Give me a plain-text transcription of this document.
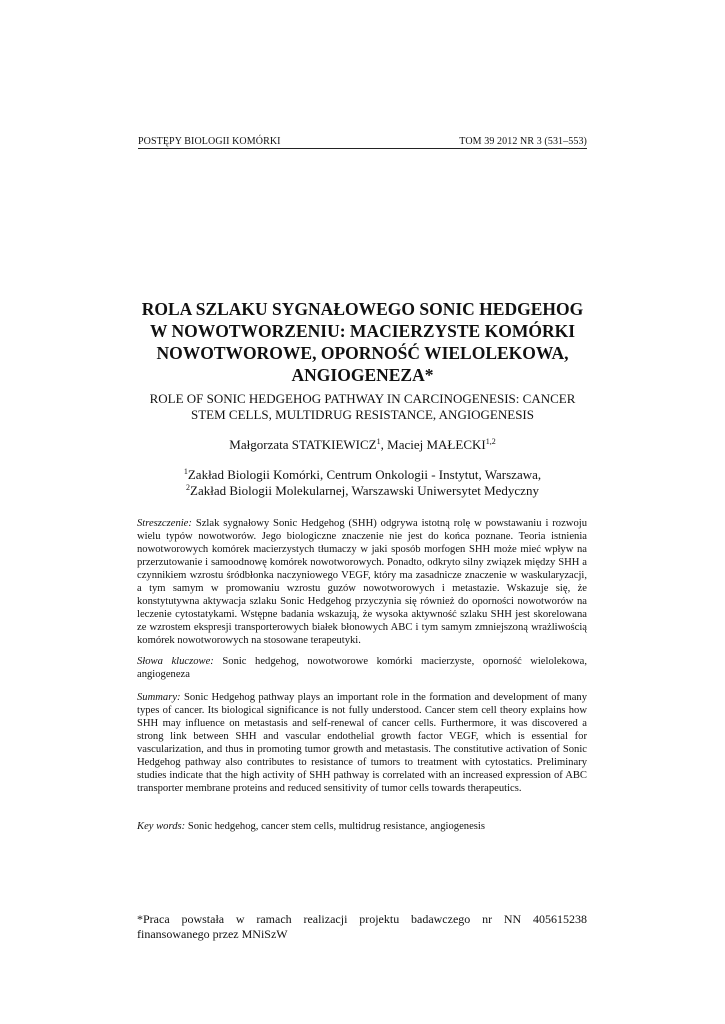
POSTĘPY BIOLOGII KOMÓRKI	TOM 39 2012 NR 3 (531–553)
ROLA SZLAKU SYGNAŁOWEGO SONIC HEDGEHOG
W NOWOTWORZENIU: MACIERZYSTE KOMÓRKI
NOWOTWOROWE, OPORNOŚĆ WIELOLEKOWA,
ANGIOGENEZA*
ROLE OF SONIC HEDGEHOG PATHWAY IN CARCINOGENESIS: CANCER
STEM CELLS, MULTIDRUG RESISTANCE, ANGIOGENESIS
Małgorzata STATKIEWICZ$^1$, Maciej MAŁECKI$^{1,2}$
$^1$Zakład Biologii Komórki, Centrum Onkologii - Instytut, Warszawa,
$^2$Zakład Biologii Molekularnej, Warszawski Uniwersytet Medyczny
Streszczenie: Szlak sygnałowy Sonic Hedgehog (SHH) odgrywa istotną rolę w powstawaniu i rozwoju wielu typów nowotworów. Jego biologiczne znaczenie nie jest do końca poznane. Teoria istnienia nowotworowych komórek macierzystych tłumaczy w jaki sposób morfogen SHH może mieć wpływ na przerzutowanie i samoodnowę komórek nowotworowych. Ponadto, odkryto silny związek między SHH a czynnikiem wzrostu śródbłonka naczyniowego VEGF, który ma zasadnicze znaczenie w waskularyzacji, a tym samym w promowaniu wzrostu guzów nowotworowych i metastazie. Wskazuje się, że konstytutywna aktywacja szlaku Sonic Hedgehog przyczynia się również do oporności nowotworów na leczenie cytostatykami. Wstępne badania wskazują, że wysoka aktywność szlaku SHH jest skorelowana ze wzrostem ekspresji transporterowych białek błonowych ABC i tym samym zmniejszoną wrażliwością komórek nowotworowych na stosowane terapeutyki.
Słowa kluczowe: Sonic hedgehog, nowotworowe komórki macierzyste, oporność wielolekowa, angiogeneza
Summary: Sonic Hedgehog pathway plays an important role in the formation and development of many types of cancer. Its biological significance is not fully understood. Cancer stem cell theory explains how SHH may influence on metastasis and self-renewal of cancer cells. Furthermore, it was discovered a strong link between SHH and vascular endothelial growth factor VEGF, which is essential for vascularization, and thus in promoting tumor growth and metastasis. The constitutive activation of Sonic Hedgehog pathway also contributes to resistance of tumors to treatment with cytostatics. Preliminary studies indicate that the high activity of SHH pathway is correlated with an increased expression of ABC transporter membrane proteins and reduced sensitivity of tumor cells towards therapeutics.
Key words: Sonic hedgehog, cancer stem cells, multidrug resistance, angiogenesis
*Praca powstała w ramach realizacji projektu badawczego nr NN 405615238
finansowanego przez MNiSzW
